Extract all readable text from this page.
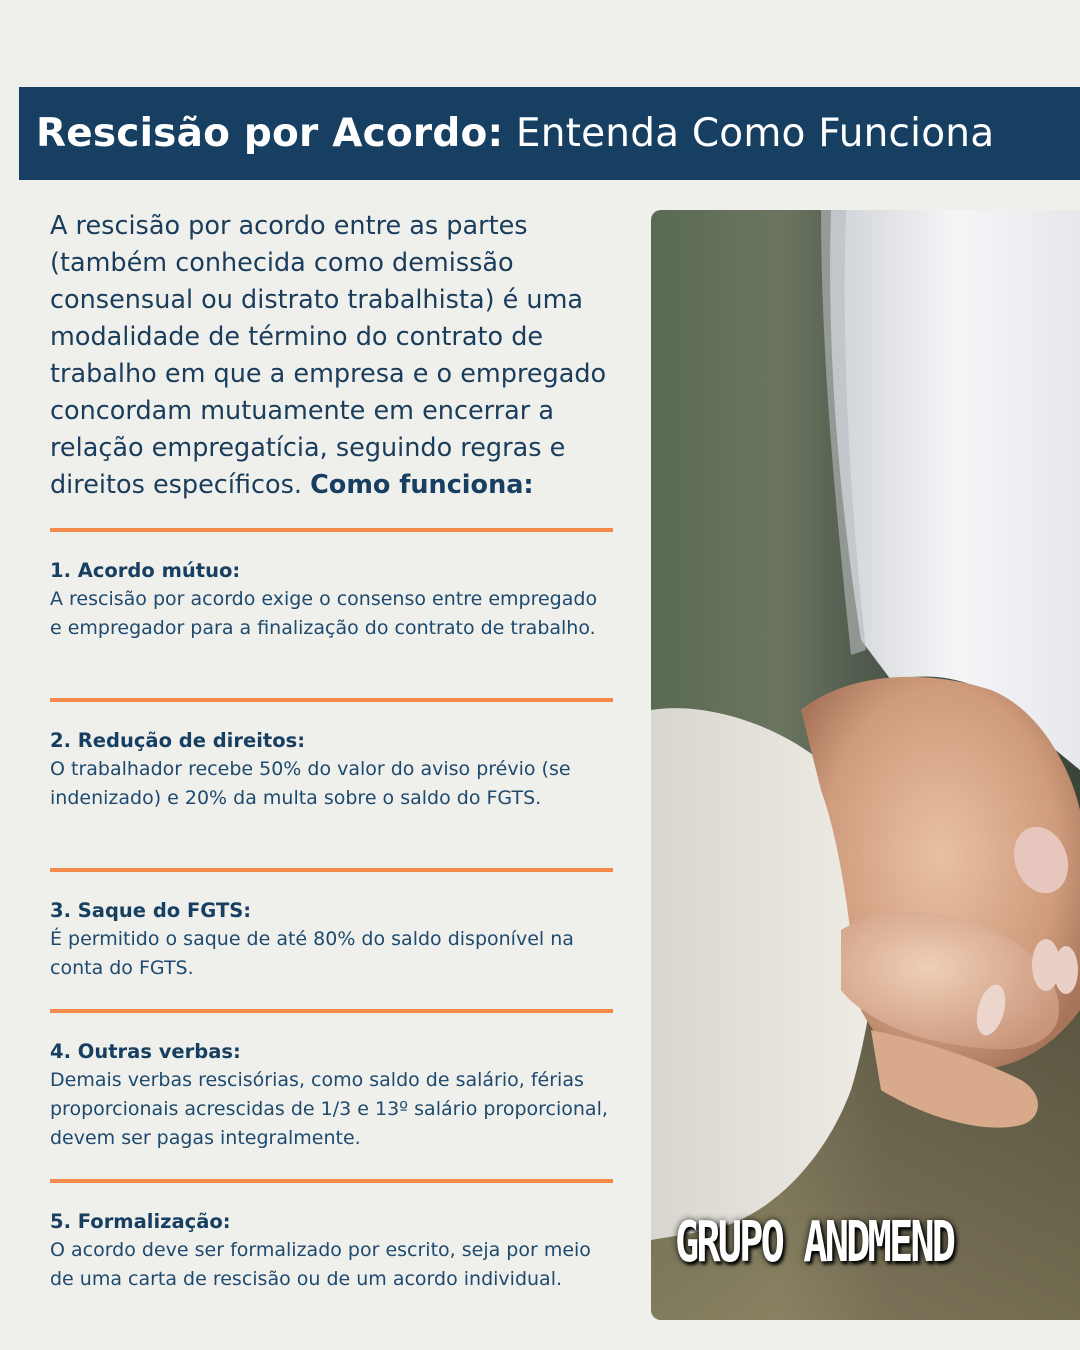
Rescisão por Acordo: Entenda Como Funciona

A rescisão por acordo entre as partes (também conhecida como demissão consensual ou distrato trabalhista) é uma modalidade de término do contrato de trabalho em que a empresa e o empregado concordam mutuamente em encerrar a relação empregatícia, seguindo regras e direitos específicos. Como funciona:

1. Acordo mútuo:

A rescisão por acordo exige o consenso entre empregado e empregador para a finalização do contrato de trabalho.

2. Redução de direitos:

O trabalhador recebe 50% do valor do aviso prévio (se indenizado) e 20% da multa sobre o saldo do FGTS.

3. Saque do FGTS:

É permitido o saque de até 80% do saldo disponível na conta do FGTS.

4. Outras verbas:

Demais verbas rescisórias, como saldo de salário, férias proporcionais acrescidas de 1/3 e 13º salário proporcional, devem ser pagas integralmente.

5. Formalização:

O acordo deve ser formalizado por escrito, seja por meio de uma carta de rescisão ou de um acordo individual.

GRUPO ANDMEND
